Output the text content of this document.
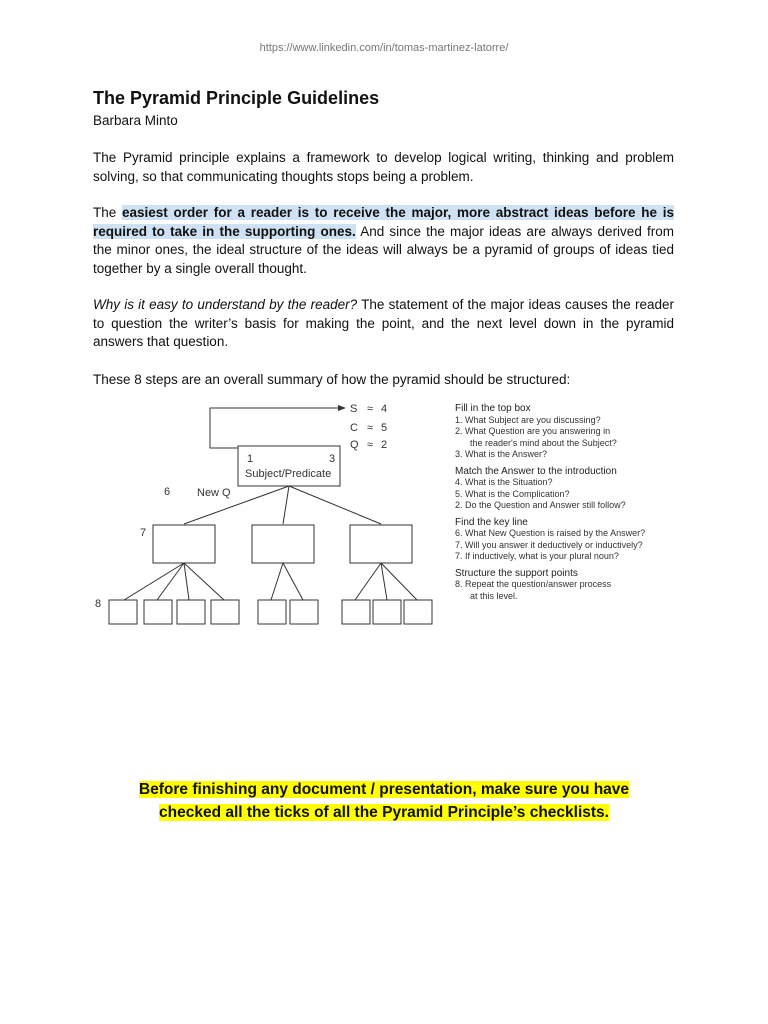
https://www.linkedin.com/in/tomas-martinez-latorre/
The Pyramid Principle Guidelines
Barbara Minto
The Pyramid principle explains a framework to develop logical writing, thinking and problem solving, so that communicating thoughts stops being a problem.
The easiest order for a reader is to receive the major, more abstract ideas before he is required to take in the supporting ones. And since the major ideas are always derived from the minor ones, the ideal structure of the ideas will always be a pyramid of groups of ideas tied together by a single overall thought.
Why is it easy to understand by the reader? The statement of the major ideas causes the reader to question the writer’s basis for making the point, and the next level down in the pyramid answers that question.
These 8 steps are an overall summary of how the pyramid should be structured:
S ≈ 4
C ≈ 5
Q ≈ 2
1	3
Subject/Predicate
6 New Q
7
8
Fill in the top box
1. What Subject are you discussing?
2. What Question are you answering in
the reader's mind about the Subject?
3. What is the Answer?
Match the Answer to the introduction
4. What is the Situation?
5. What is the Complication?
2. Do the Question and Answer still follow?
Find the key line
6. What New Question is raised by the Answer?
7. Will you answer it deductively or inductively?
7. If inductively, what is your plural noun?
Structure the support points
8. Repeat the question/answer process
at this level.
Before finishing any document / presentation, make sure you have
checked all the ticks of all the Pyramid Principle’s checklists.
